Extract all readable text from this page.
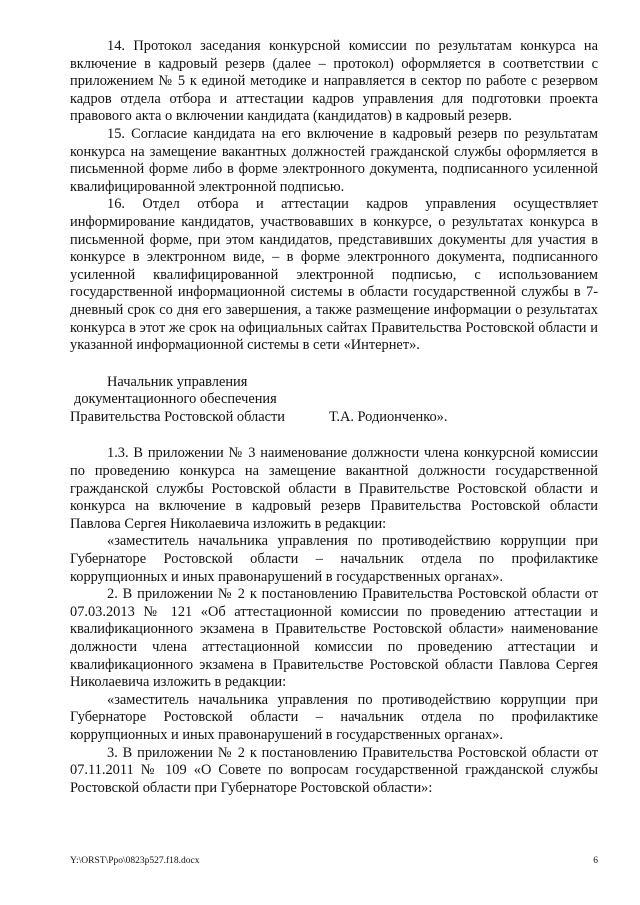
14. Протокол заседания конкурсной комиссии по результатам конкурса на включение в кадровый резерв (далее – протокол) оформляется в соответствии с приложением № 5 к единой методике и направляется в сектор по работе с резервом кадров отдела отбора и аттестации кадров управления для подготовки проекта правового акта о включении кандидата (кандидатов) в кадровый резерв.

15. Согласие кандидата на его включение в кадровый резерв по результатам конкурса на замещение вакантных должностей гражданской службы оформляется в письменной форме либо в форме электронного документа, подписанного усиленной квалифицированной электронной подписью.

16. Отдел отбора и аттестации кадров управления осуществляет информирование кандидатов, участвовавших в конкурсе, о результатах конкурса в письменной форме, при этом кандидатов, представивших документы для участия в конкурсе в электронном виде, – в форме электронного документа, подписанного усиленной квалифицированной электронной подписью, с использованием государственной информационной системы в области государственной службы в 7-дневный срок со дня его завершения, а также размещение информации о результатах конкурса в этот же срок на официальных сайтах Правительства Ростовской области и указанной информационной системы в сети «Интернет».

Начальник управления
документационного обеспечения
Правительства Ростовской области	Т.А. Родионченко».

1.3. В приложении № 3 наименование должности члена конкурсной комиссии по проведению конкурса на замещение вакантной должности государственной гражданской службы Ростовской области в Правительстве Ростовской области и конкурса на включение в кадровый резерв Правительства Ростовской области Павлова Сергея Николаевича изложить в редакции:

«заместитель начальника управления по противодействию коррупции при Губернаторе Ростовской области – начальник отдела по профилактике коррупционных и иных правонарушений в государственных органах».

2. В приложении № 2 к постановлению Правительства Ростовской области от 07.03.2013 № 121 «Об аттестационной комиссии по проведению аттестации и квалификационного экзамена в Правительстве Ростовской области» наименование должности члена аттестационной комиссии по проведению аттестации и квалификационного экзамена в Правительстве Ростовской области Павлова Сергея Николаевича изложить в редакции:

«заместитель начальника управления по противодействию коррупции при Губернаторе Ростовской области – начальник отдела по профилактике коррупционных и иных правонарушений в государственных органах».

3. В приложении № 2 к постановлению Правительства Ростовской области от 07.11.2011 № 109 «О Совете по вопросам государственной гражданской службы Ростовской области при Губернаторе Ростовской области»:

Y:\ORST\Ppo\0823p527.f18.docx	6
